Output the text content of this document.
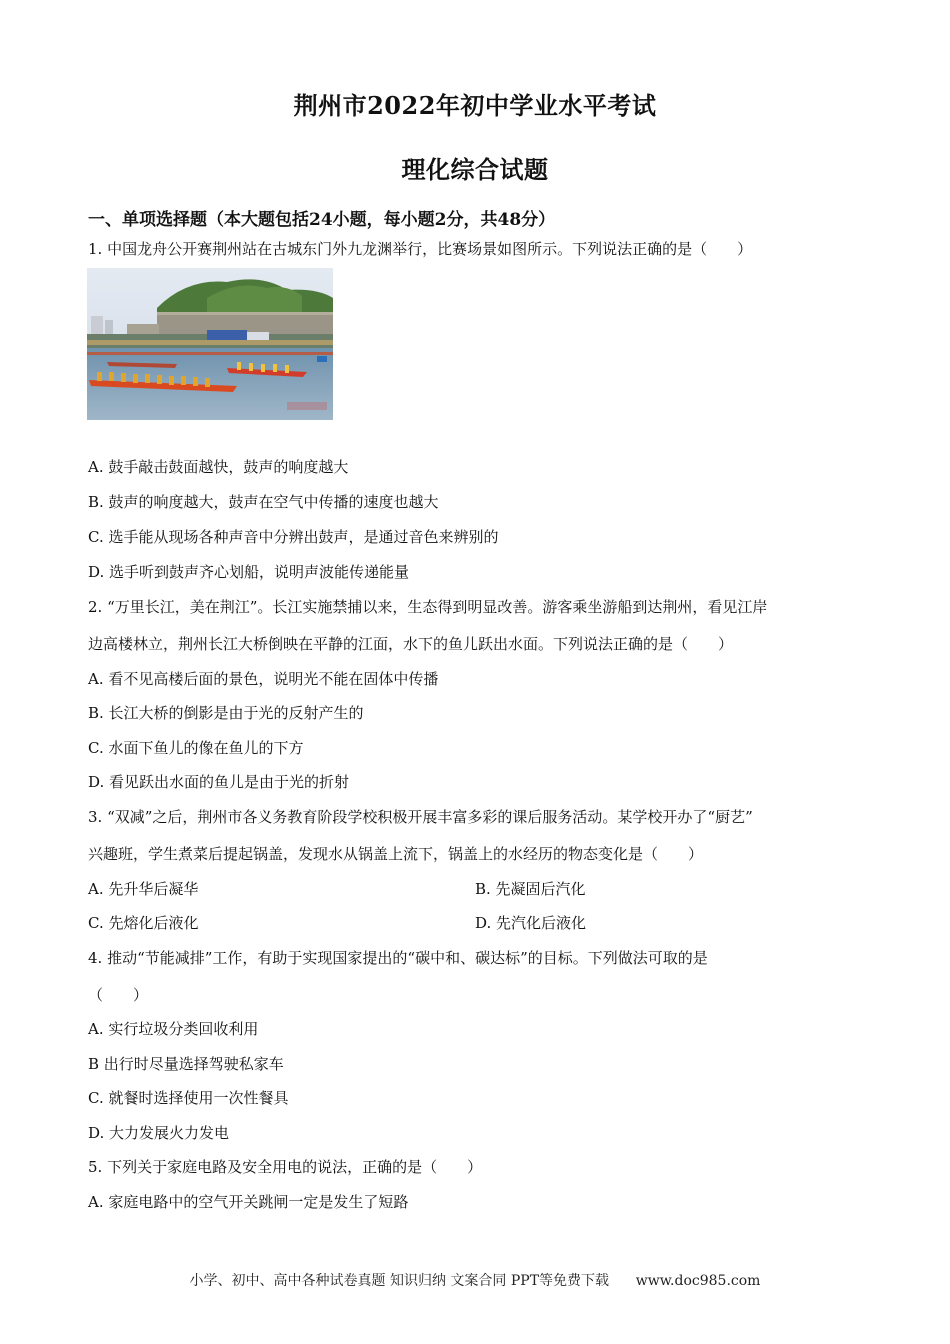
荆州市2022年初中学业水平考试
理化综合试题
一、单项选择题（本大题包括24小题，每小题2分，共48分）
1. 中国龙舟公开赛荆州站在古城东门外九龙渊举行，比赛场景如图所示。下列说法正确的是（　　）
A. 鼓手敲击鼓面越快，鼓声的响度越大
B. 鼓声的响度越大，鼓声在空气中传播的速度也越大
C. 选手能从现场各种声音中分辨出鼓声，是通过音色来辨别的
D. 选手听到鼓声齐心划船，说明声波能传递能量
2. “万里长江，美在荆江”。长江实施禁捕以来，生态得到明显改善。游客乘坐游船到达荆州，看见江岸
边高楼林立，荆州长江大桥倒映在平静的江面，水下的鱼儿跃出水面。下列说法正确的是（　　）
A. 看不见高楼后面的景色，说明光不能在固体中传播
B. 长江大桥的倒影是由于光的反射产生的
C. 水面下鱼儿的像在鱼儿的下方
D. 看见跃出水面的鱼儿是由于光的折射
3. “双减”之后，荆州市各义务教育阶段学校积极开展丰富多彩的课后服务活动。某学校开办了“厨艺”
兴趣班，学生煮菜后提起锅盖，发现水从锅盖上流下，锅盖上的水经历的物态变化是（　　）
A. 先升华后凝华	B. 先凝固后汽化
C. 先熔化后液化	D. 先汽化后液化
4. 推动“节能减排”工作，有助于实现国家提出的“碳中和、碳达标”的目标。下列做法可取的是
（　　）
A. 实行垃圾分类回收利用
B 出行时尽量选择驾驶私家车
C. 就餐时选择使用一次性餐具
D. 大力发展火力发电
5. 下列关于家庭电路及安全用电的说法，正确的是（　　）
A. 家庭电路中的空气开关跳闸一定是发生了短路
小学、初中、高中各种试卷真题 知识归纳 文案合同 PPT等免费下载 www.doc985.com
